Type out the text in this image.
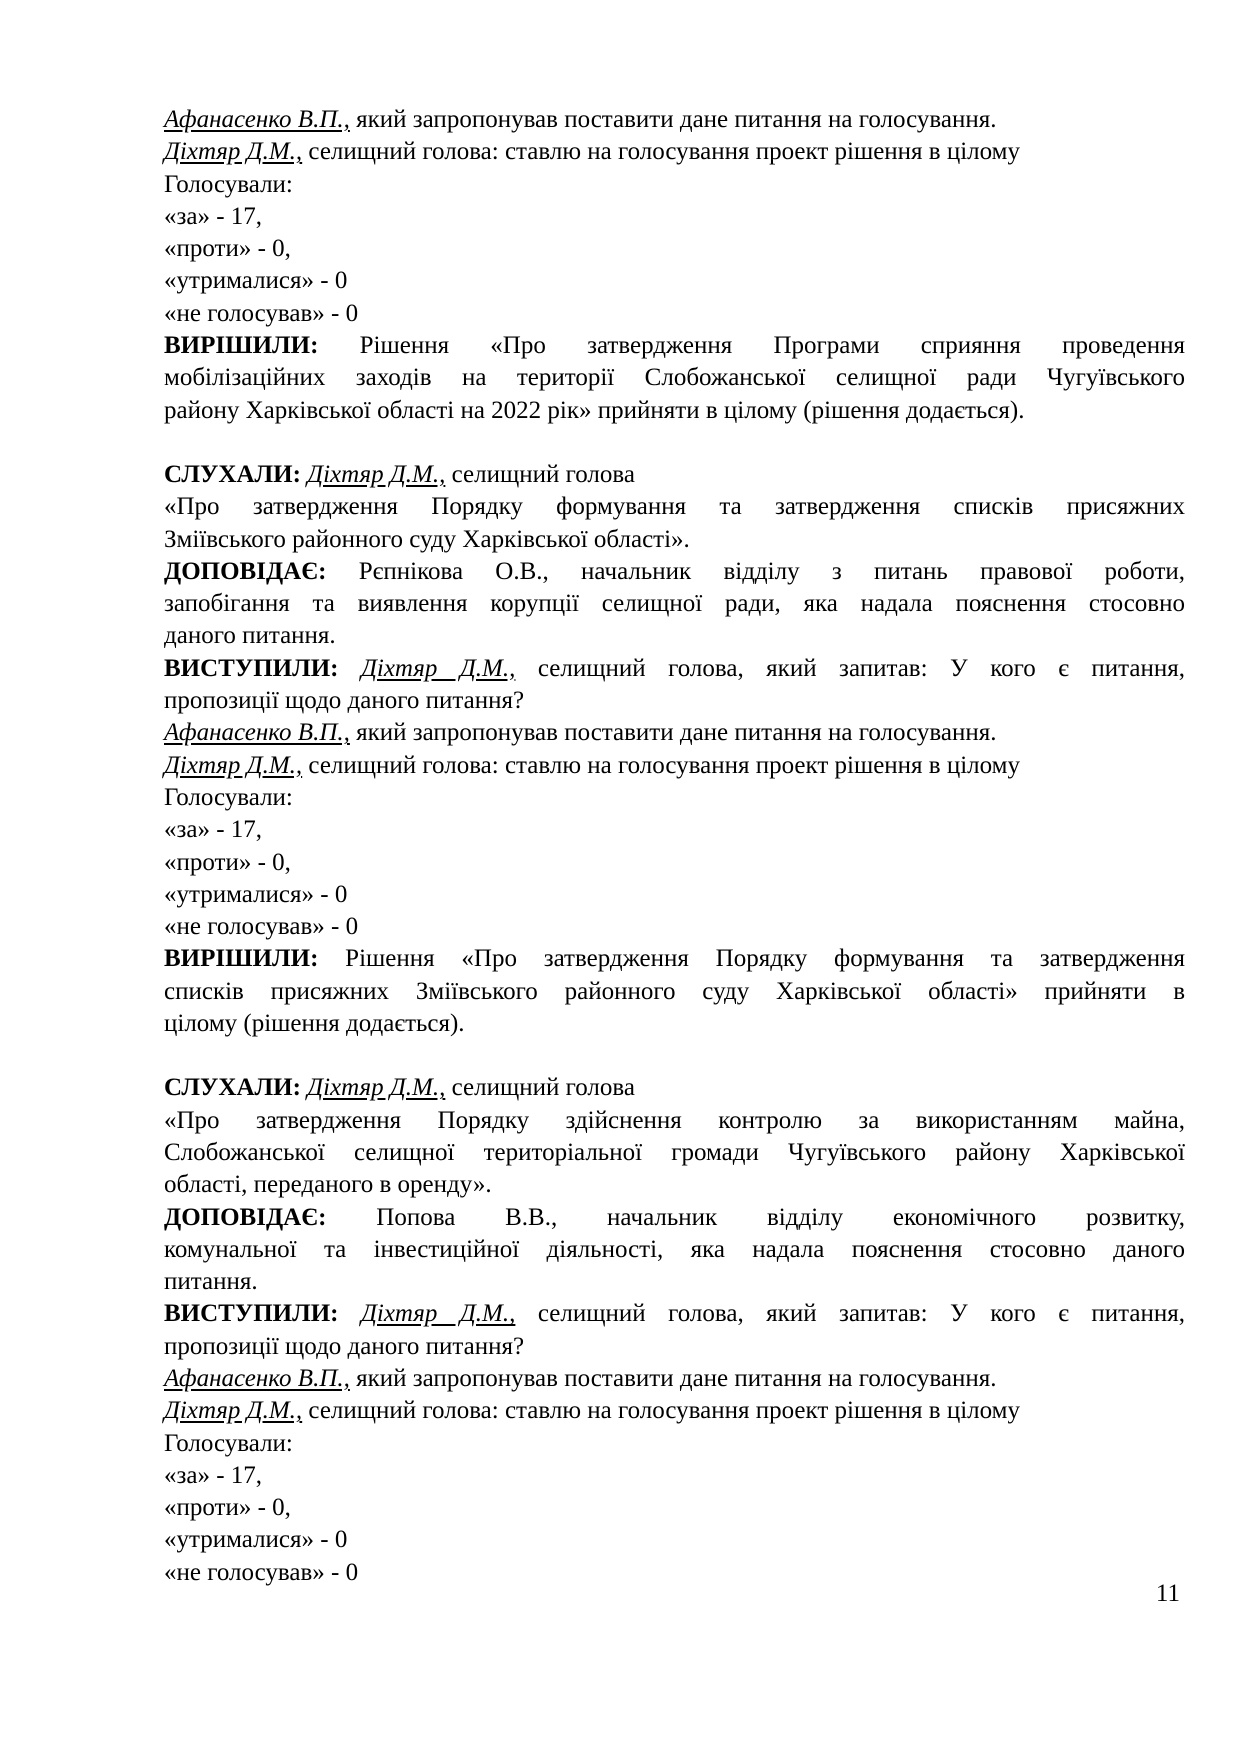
Афанасенко В.П., який запропонував поставити дане питання на голосування.
Діхтяр Д.М., селищний голова: ставлю на голосування проект рішення в цілому
Голосували:
«за» - 17,
«проти» - 0,
«утрималися» - 0
«не голосував» - 0
ВИРІШИЛИ: Рішення «Про затвердження Програми сприяння проведення
мобілізаційних заходів на території Слобожанської селищної ради Чугуївського
району Харківської області на 2022 рік» прийняти в цілому (рішення додається).
СЛУХАЛИ: Діхтяр Д.М., селищний голова
«Про затвердження Порядку формування та затвердження списків присяжних
Зміївського районного суду Харківської області».
ДОПОВІДАЄ: Рєпнікова О.В., начальник відділу з питань правової роботи,
запобігання та виявлення корупції селищної ради, яка надала пояснення стосовно
даного питання.
ВИСТУПИЛИ: Діхтяр Д.М., селищний голова, який запитав: У кого є питання,
пропозиції щодо даного питання?
Афанасенко В.П., який запропонував поставити дане питання на голосування.
Діхтяр Д.М., селищний голова: ставлю на голосування проект рішення в цілому
Голосували:
«за» - 17,
«проти» - 0,
«утрималися» - 0
«не голосував» - 0
ВИРІШИЛИ: Рішення «Про затвердження Порядку формування та затвердження
списків присяжних Зміївського районного суду Харківської області» прийняти в
цілому (рішення додається).
СЛУХАЛИ: Діхтяр Д.М., селищний голова
«Про затвердження Порядку здійснення контролю за використанням майна,
Слобожанської селищної територіальної громади Чугуївського району Харківської
області, переданого в оренду».
ДОПОВІДАЄ: Попова В.В., начальник відділу економічного розвитку,
комунальної та інвестиційної діяльності, яка надала пояснення стосовно даного
питання.
ВИСТУПИЛИ: Діхтяр Д.М., селищний голова, який запитав: У кого є питання,
пропозиції щодо даного питання?
Афанасенко В.П., який запропонував поставити дане питання на голосування.
Діхтяр Д.М., селищний голова: ставлю на голосування проект рішення в цілому
Голосували:
«за» - 17,
«проти» - 0,
«утрималися» - 0
«не голосував» - 0
11
